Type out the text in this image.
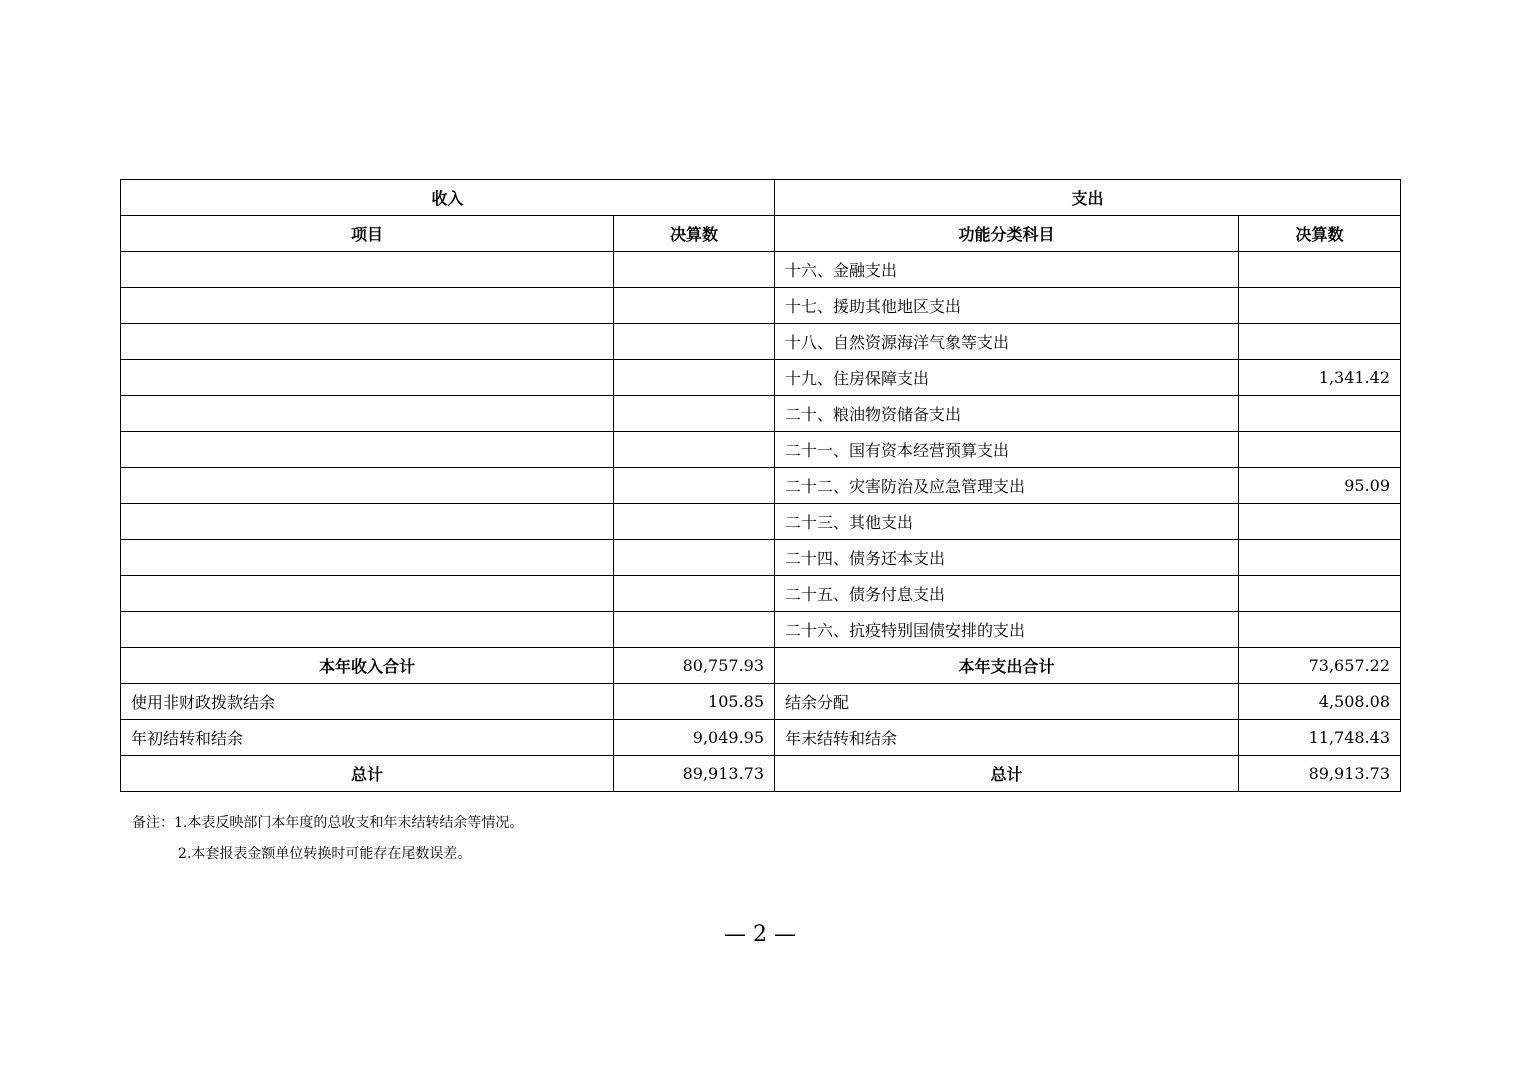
收入		支出	
项目	决算数	功能分类科目	决算数
		十六、金融支出	
		十七、援助其他地区支出	
		十八、自然资源海洋气象等支出	
		十九、住房保障支出	1,341.42
		二十、粮油物资储备支出	
		二十一、国有资本经营预算支出	
		二十二、灾害防治及应急管理支出	95.09
		二十三、其他支出	
		二十四、债务还本支出	
		二十五、债务付息支出	
		二十六、抗疫特别国债安排的支出	
本年收入合计	80,757.93	本年支出合计	73,657.22
使用非财政拨款结余	105.85	结余分配	4,508.08
年初结转和结余	9,049.95	年末结转和结余	11,748.43
总计	89,913.73	总计	89,913.73
备注：1.本表反映部门本年度的总收支和年末结转结余等情况。
2.本套报表金额单位转换时可能存在尾数误差。
— 2 —
